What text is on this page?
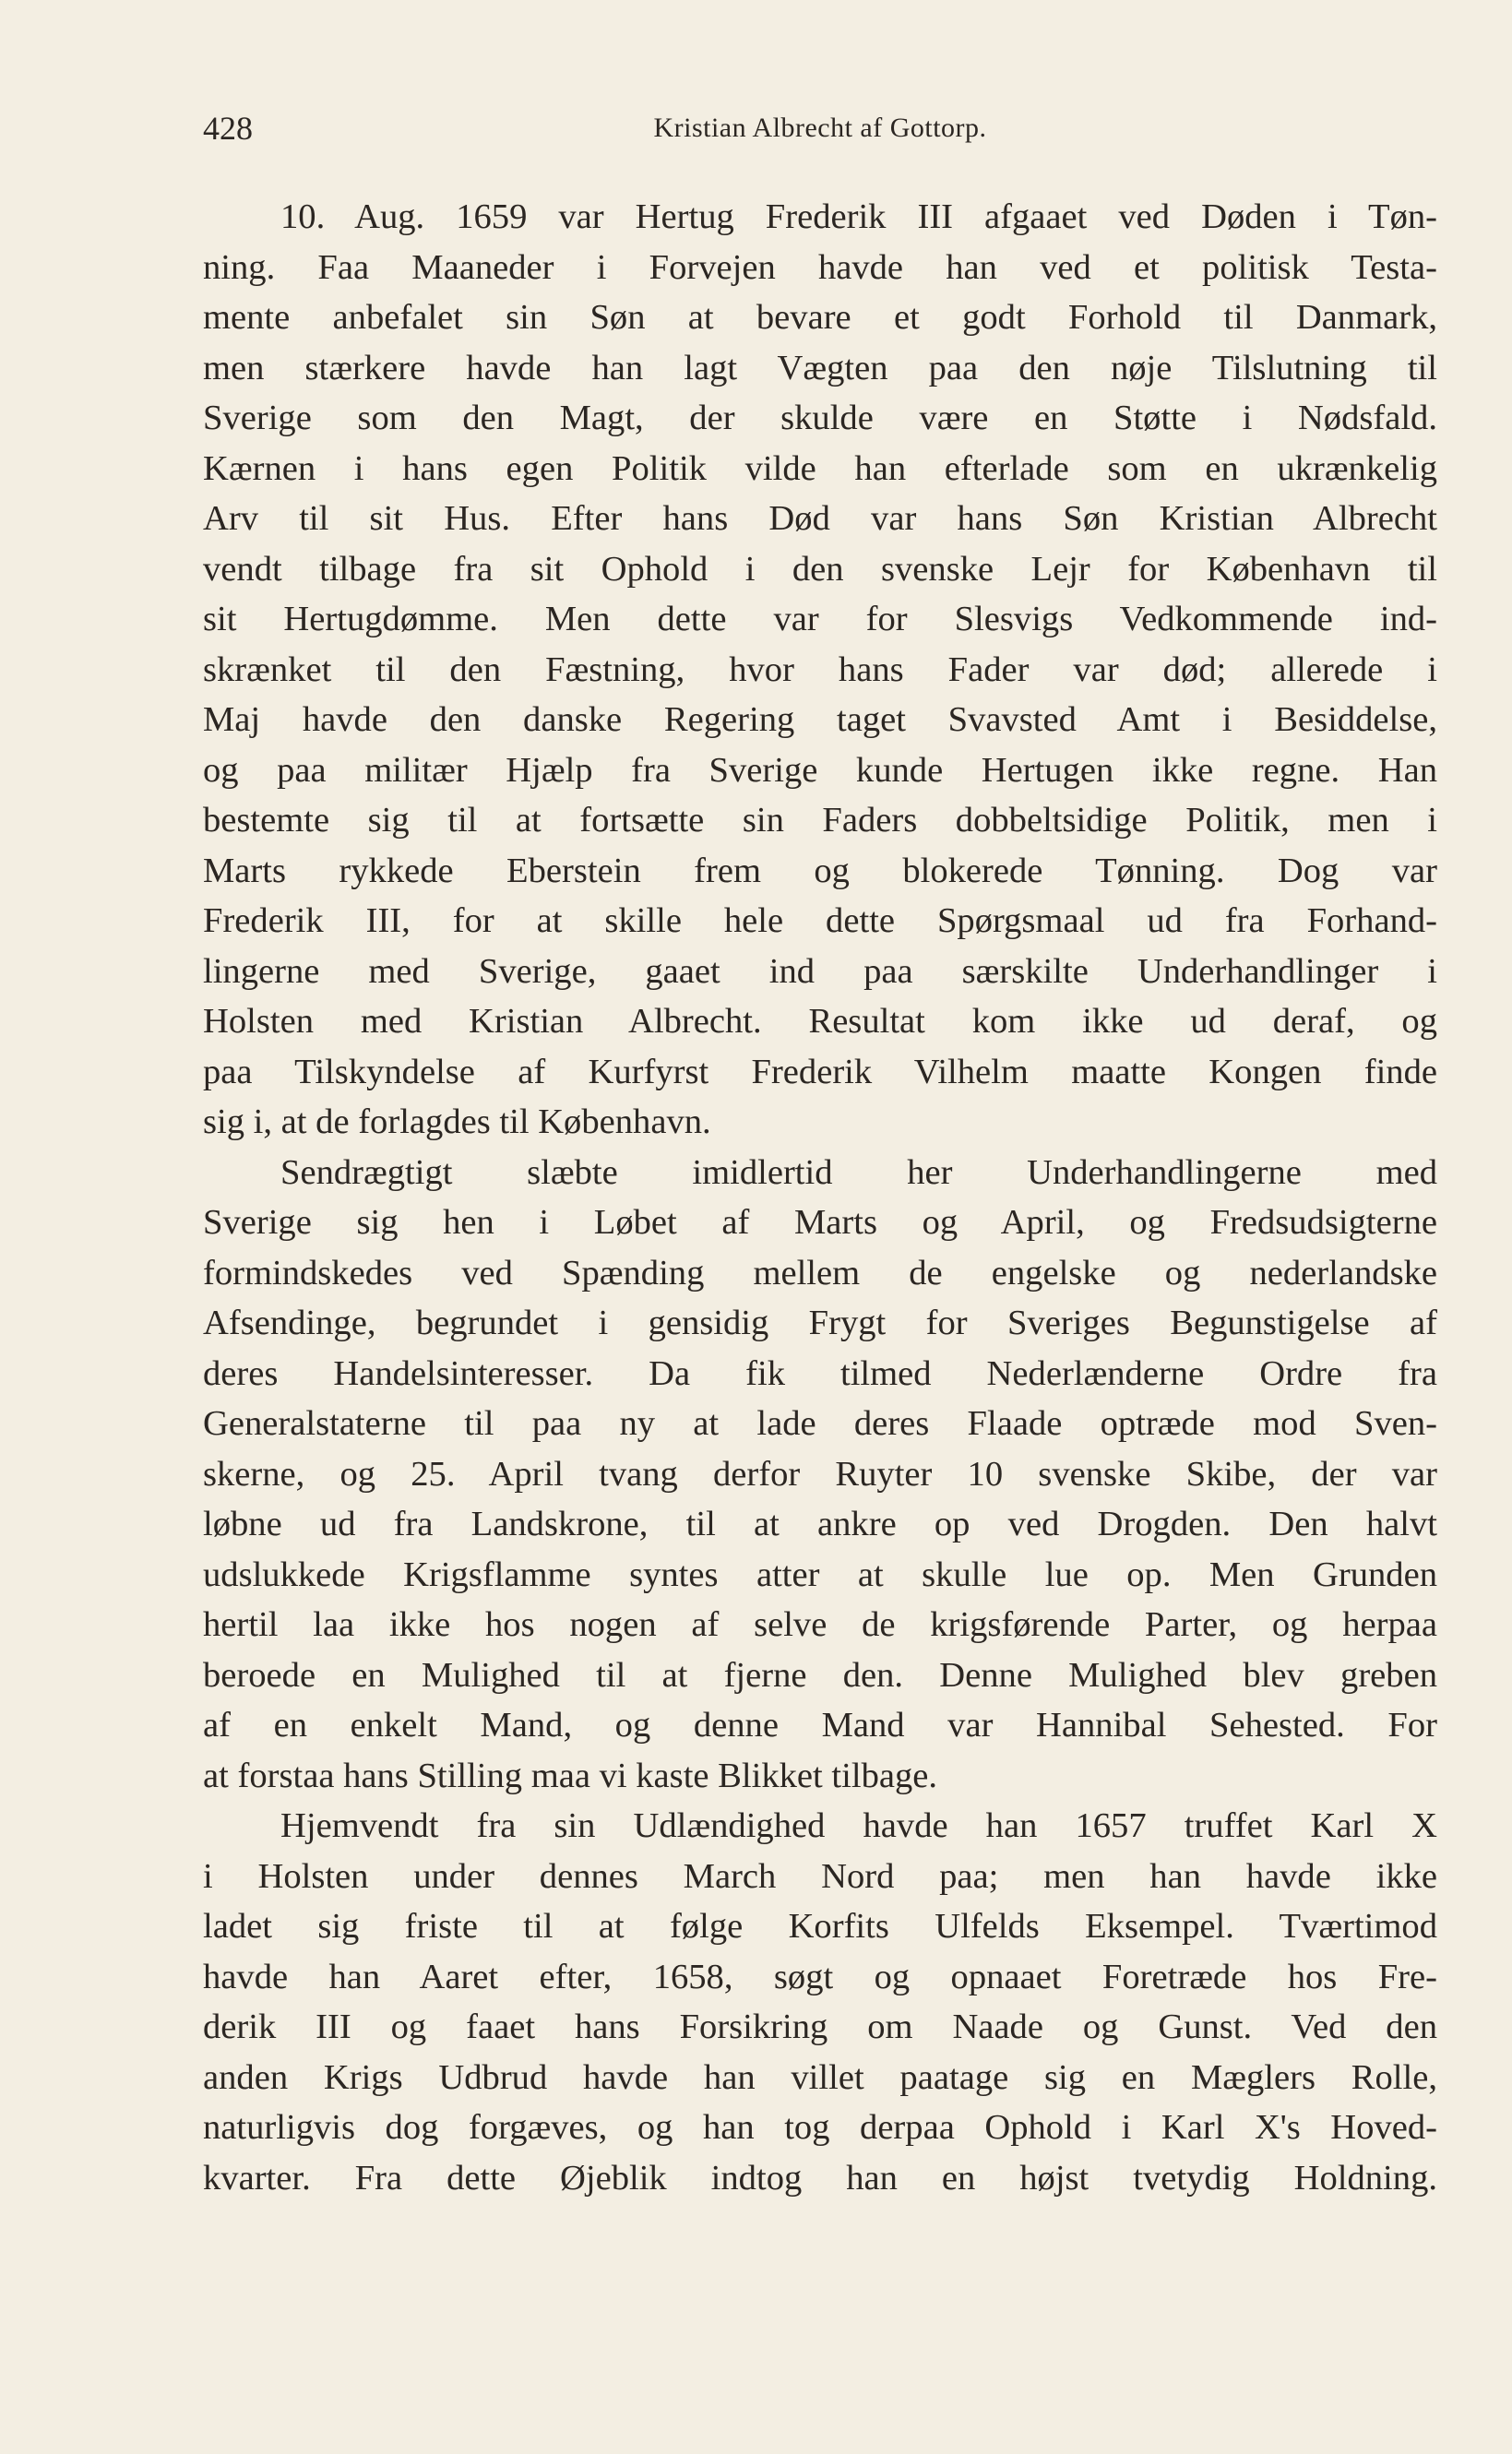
428	Kristian Albrecht af Gottorp.

10. Aug. 1659 var Hertug Frederik III afgaaet ved Døden i Tøn-
ning. Faa Maaneder i Forvejen havde han ved et politisk Testa-
mente anbefalet sin Søn at bevare et godt Forhold til Danmark,
men stærkere havde han lagt Vægten paa den nøje Tilslutning til
Sverige som den Magt, der skulde være en Støtte i Nødsfald.
Kærnen i hans egen Politik vilde han efterlade som en ukrænkelig
Arv til sit Hus. Efter hans Død var hans Søn Kristian Albrecht
vendt tilbage fra sit Ophold i den svenske Lejr for København til
sit Hertugdømme. Men dette var for Slesvigs Vedkommende ind-
skrænket til den Fæstning, hvor hans Fader var død; allerede i
Maj havde den danske Regering taget Svavsted Amt i Besiddelse,
og paa militær Hjælp fra Sverige kunde Hertugen ikke regne. Han
bestemte sig til at fortsætte sin Faders dobbeltsidige Politik, men i
Marts rykkede Eberstein frem og blokerede Tønning. Dog var
Frederik III, for at skille hele dette Spørgsmaal ud fra Forhand-
lingerne med Sverige, gaaet ind paa særskilte Underhandlinger i
Holsten med Kristian Albrecht. Resultat kom ikke ud deraf, og
paa Tilskyndelse af Kurfyrst Frederik Vilhelm maatte Kongen finde
sig i, at de forlagdes til København.

Sendrægtigt slæbte imidlertid her Underhandlingerne med
Sverige sig hen i Løbet af Marts og April, og Fredsudsigterne
formindskedes ved Spænding mellem de engelske og nederlandske
Afsendinge, begrundet i gensidig Frygt for Sveriges Begunstigelse af
deres Handelsinteresser. Da fik tilmed Nederlænderne Ordre fra
Generalstaterne til paa ny at lade deres Flaade optræde mod Sven-
skerne, og 25. April tvang derfor Ruyter 10 svenske Skibe, der var
løbne ud fra Landskrone, til at ankre op ved Drogden. Den halvt
udslukkede Krigsflamme syntes atter at skulle lue op. Men Grunden
hertil laa ikke hos nogen af selve de krigsførende Parter, og herpaa
beroede en Mulighed til at fjerne den. Denne Mulighed blev greben
af en enkelt Mand, og denne Mand var Hannibal Sehested. For
at forstaa hans Stilling maa vi kaste Blikket tilbage.

Hjemvendt fra sin Udlændighed havde han 1657 truffet Karl X
i Holsten under dennes March Nord paa; men han havde ikke
ladet sig friste til at følge Korfits Ulfelds Eksempel. Tværtimod
havde han Aaret efter, 1658, søgt og opnaaet Foretræde hos Fre-
derik III og faaet hans Forsikring om Naade og Gunst. Ved den
anden Krigs Udbrud havde han villet paatage sig en Mæglers Rolle,
naturligvis dog forgæves, og han tog derpaa Ophold i Karl X's Hoved-
kvarter. Fra dette Øjeblik indtog han en højst tvetydig Holdning.
